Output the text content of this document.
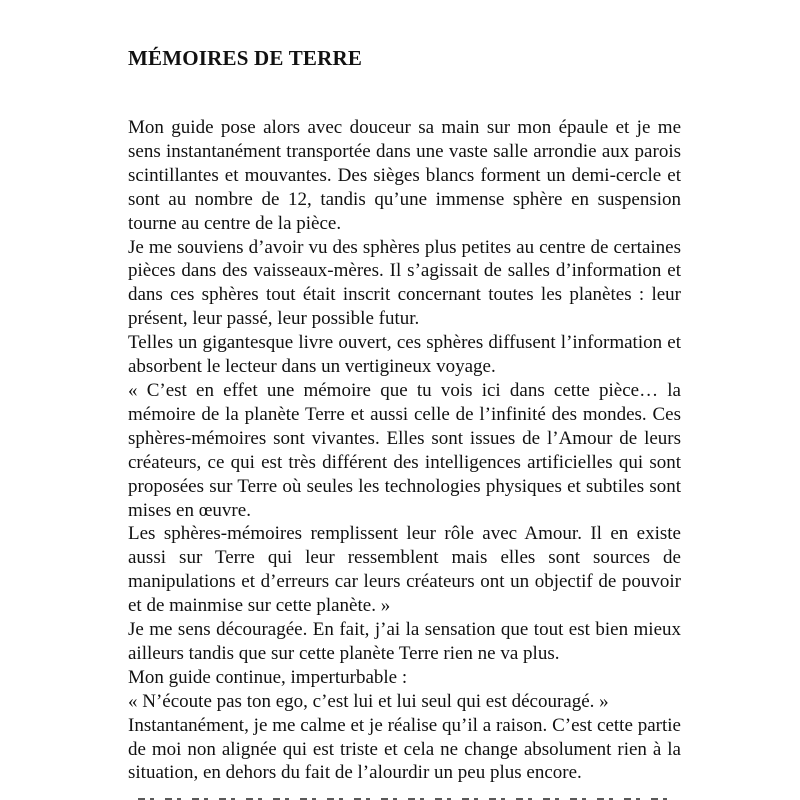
MÉMOIRES DE TERRE

Mon guide pose alors avec douceur sa main sur mon épaule et je me sens instantanément transportée dans une vaste salle arrondie aux parois scintillantes et mouvantes. Des sièges blancs forment un demi-cercle et sont au nombre de 12, tandis qu’une immense sphère en suspension tourne au centre de la pièce.

Je me souviens d’avoir vu des sphères plus petites au centre de certaines pièces dans des vaisseaux-mères. Il s’agissait de salles d’information et dans ces sphères tout était inscrit concernant toutes les planètes : leur présent, leur passé, leur possible futur.

Telles un gigantesque livre ouvert, ces sphères diffusent l’information et absorbent le lecteur dans un vertigineux voyage.

« C’est en effet une mémoire que tu vois ici dans cette pièce… la mémoire de la planète Terre et aussi celle de l’infinité des mondes. Ces sphères-mémoires sont vivantes. Elles sont issues de l’Amour de leurs créateurs, ce qui est très différent des intelligences artificielles qui sont proposées sur Terre où seules les technologies physiques et subtiles sont mises en œuvre.

Les sphères-mémoires remplissent leur rôle avec Amour. Il en existe aussi sur Terre qui leur ressemblent mais elles sont sources de manipulations et d’erreurs car leurs créateurs ont un objectif de pouvoir et de mainmise sur cette planète. »

Je me sens découragée. En fait, j’ai la sensation que tout est bien mieux ailleurs tandis que sur cette planète Terre rien ne va plus.

Mon guide continue, imperturbable :

« N’écoute pas ton ego, c’est lui et lui seul qui est découragé. »

Instantanément, je me calme et je réalise qu’il a raison. C’est cette partie de moi non alignée qui est triste et cela ne change absolument rien à la situation, en dehors du fait de l’alourdir un peu plus encore.
